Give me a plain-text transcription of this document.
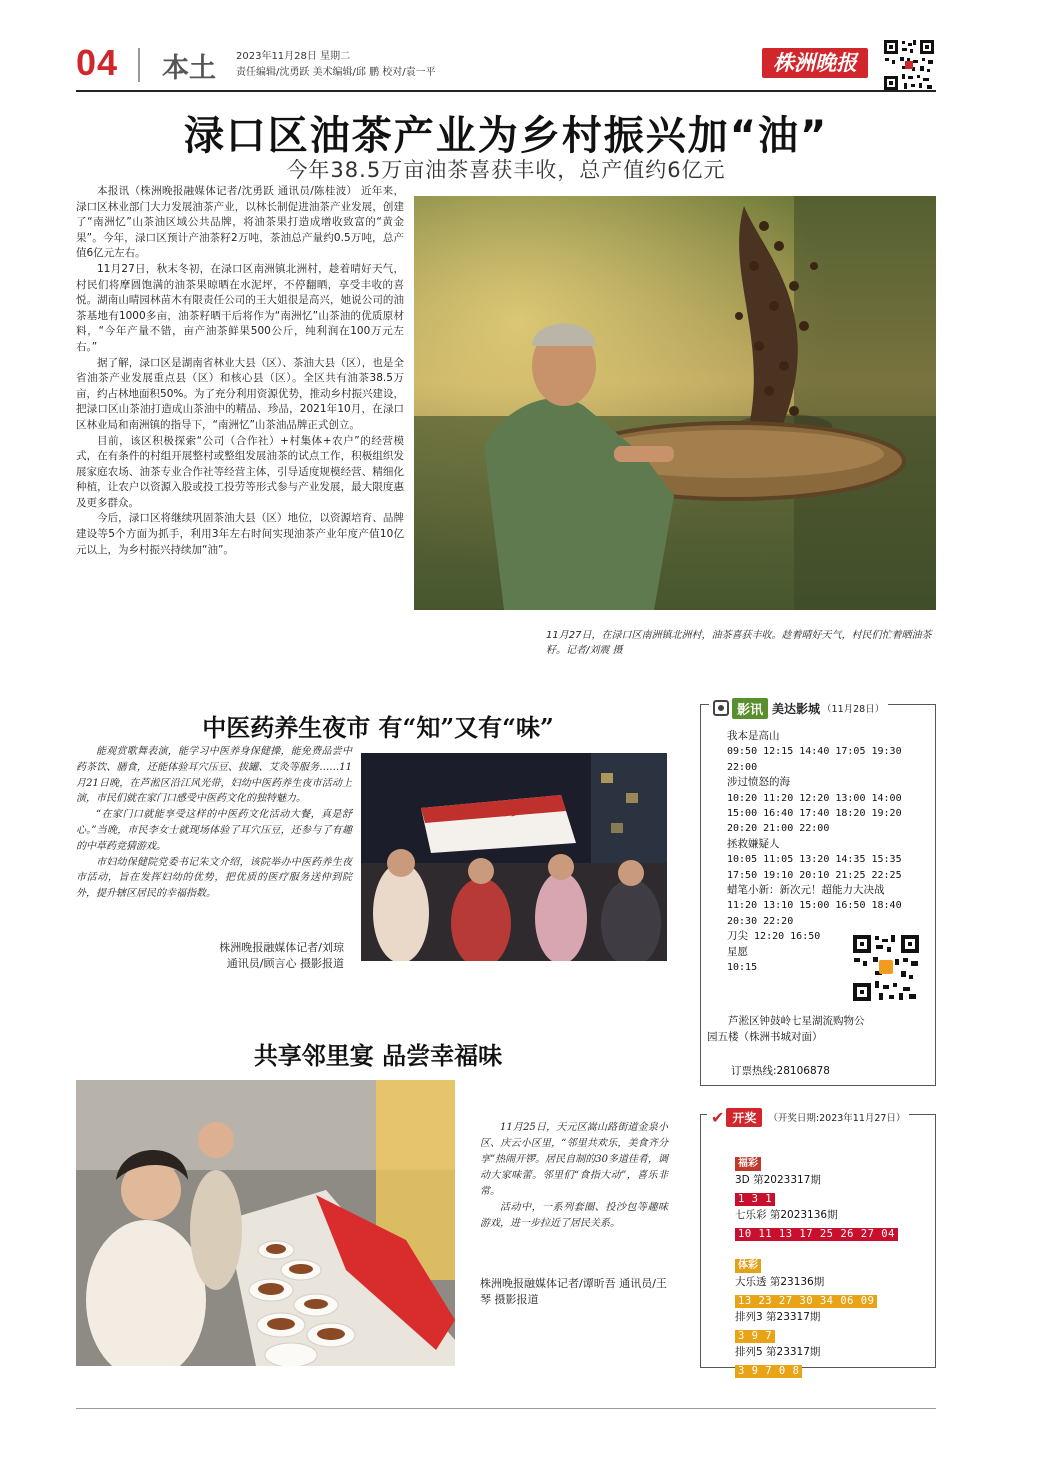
04 本土 2023年11月28日 星期二
责任编辑/沈勇跃 美术编辑/邱 鹏 校对/袁一平	株洲晚报
渌口区油茶产业为乡村振兴加“油”
今年38.5万亩油茶喜获丰收，总产值约6亿元

本报讯（株洲晚报融媒体记者/沈勇跃 通讯员/陈桂波） 近年来，渌口区林业部门大力发展油茶产业，以林长制促进油茶产业发展，创建了“南洲忆”山茶油区域公共品牌，将油茶果打造成增收致富的“黄金果”。今年，渌口区预计产油茶籽2万吨，茶油总产量约0.5万吨，总产值6亿元左右。

11月27日，秋末冬初，在渌口区南洲镇北洲村，趁着晴好天气，村民们将摩圆饱满的油茶果晾晒在水泥坪，不停翻晒，享受丰收的喜悦。湖南山晴园林苗木有限责任公司的王大姐很是高兴，她说公司的油茶基地有1000多亩，油茶籽晒干后将作为“南洲忆”山茶油的优质原材料，“今年产量不错，亩产油茶鲜果500公斤，纯利润在100万元左右。”

据了解，渌口区是湖南省林业大县（区）、茶油大县（区），也是全省油茶产业发展重点县（区）和核心县（区）。全区共有油茶38.5万亩，约占林地面积50%。为了充分利用资源优势，推动乡村振兴建设，把渌口区山茶油打造成山茶油中的精品、珍品，2021年10月，在渌口区林业局和南洲镇的指导下，“南洲忆”山茶油品牌正式创立。

目前，该区积极探索“公司（合作社）+村集体+农户”的经营模式，在有条件的村组开展整村或整组发展油茶的试点工作，积极组织发展家庭农场、油茶专业合作社等经营主体，引导适度规模经营、精细化种植，让农户以资源入股或投工投劳等形式参与产业发展，最大限度惠及更多群众。

今后，渌口区将继续巩固茶油大县（区）地位，以资源培育、品牌建设等5个方面为抓手，利用3年左右时间实现油茶产业年度产值10亿元以上，为乡村振兴持续加“油”。

11月27日，在渌口区南洲镇北洲村，油茶喜获丰收。趁着晴好天气，村民们忙着晒油茶籽。记者/刘震 摄
中医药养生夜市 有“知”又有“味”

能观赏歌舞表演，能学习中医养身保健操，能免费品尝中药茶饮、膳食，还能体验耳穴压豆、拔罐、艾灸等服务……11月21日晚，在芦淞区沿江风光带，妇幼中医药养生夜市活动上演，市民们就在家门口感受中医药文化的独特魅力。

“在家门口就能享受这样的中医药文化活动大餐，真是舒心。”当晚，市民李女士就现场体验了耳穴压豆，还参与了有趣的中草药竞猜游戏。

市妇幼保健院党委书记朱文介绍，该院举办中医药养生夜市活动，旨在发挥妇幼的优势，把优质的医疗服务送仲到院外，提升辖区居民的幸福指数。

株洲晚报融媒体记者/刘琼
通讯员/顾言心 摄影报道
名中医问诊
共享邻里宴 品尝幸福味

11月25日，天元区嵩山路街道金泉小区、庆云小区里，“邻里共欢乐，美食齐分享”热闹开锣。居民自制的30多道佳肴，调动大家味蕾。邻里们“食指大动”，喜乐非常。

活动中，一系列套圈、投沙包等趣味游戏，进一步拉近了居民关系。

株洲晚报融媒体记者/谭昕吾 通讯员/王琴 摄影报道
影讯 美达影城 （11月28日）
我本是高山
09:50 12:15 14:40 17:05 19:30 22:00
涉过愤怒的海
10:20 11:20 12:20 13:00 14:00 15:00 16:40 17:40 18:20 19:20 20:20 21:00 22:00
拯救嫌疑人
10:05 11:05 13:20 14:35 15:35 17:50 19:10 20:10 21:25 22:25
蜡笔小新：新次元！超能力大决战
11:20 13:10 15:00 16:50 18:40 20:30 22:20
刀尖 12:20 16:50
星愿
10:15
芦淞区钟鼓岭七星湖流购物公园五楼（株洲书城对面）
订票热线:28106878
✔ 开奖	（开奖日期:2023年11月27日）
福彩
3D 第2023317期
1 3 1
七乐彩 第2023136期
10 11 13 17 25 26 27 04
体彩
大乐透 第23136期
13 23 27 30 34 06 09
排列3 第23317期
3 9 7
排列5 第23317期
3 9 7 0 8
